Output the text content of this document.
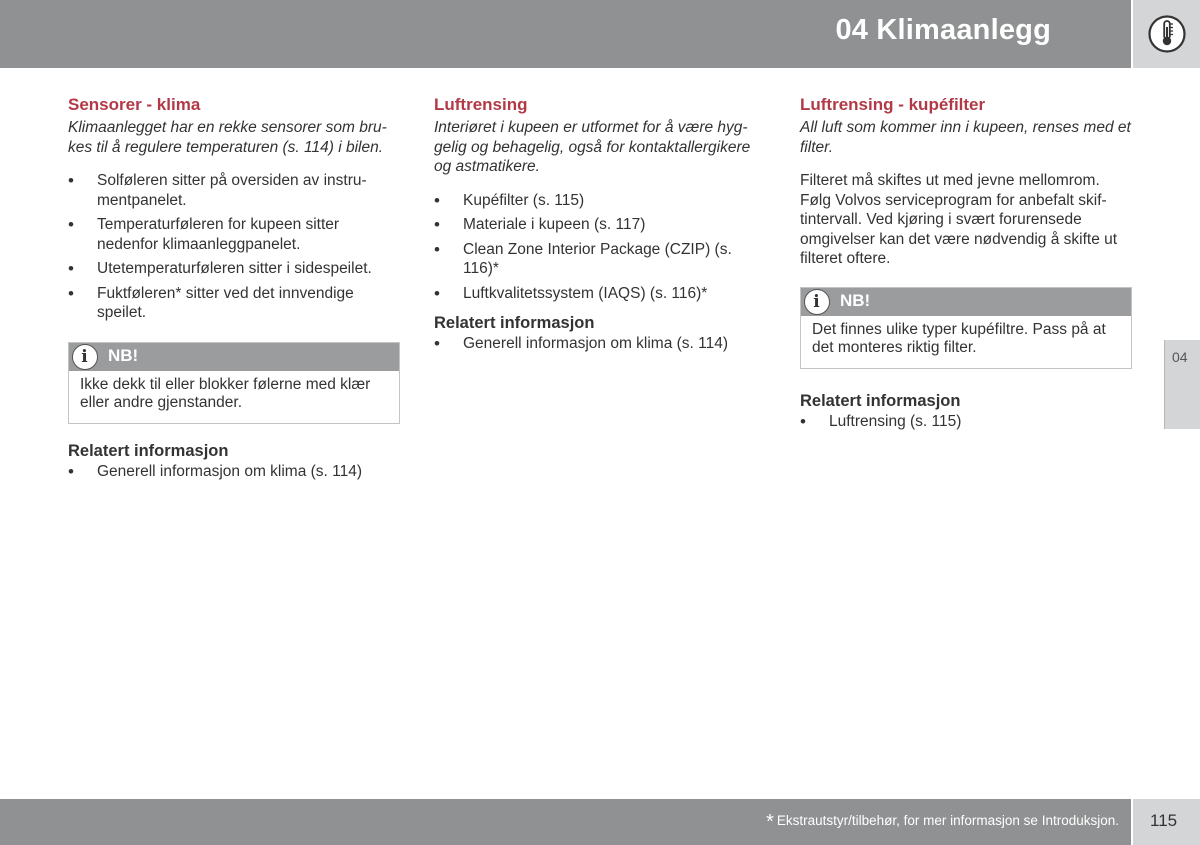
04 Klimaanlegg
Sensorer - klima
Klimaanlegget har en rekke sensorer som bru-kes til å regulere temperaturen (s. 114) i bilen.
• Solføleren sitter på oversiden av instru-mentpanelet.
• Temperaturføleren for kupeen sitter nedenfor klimaanleggpanelet.
• Utetemperaturføleren sitter i sidespeilet.
• Fuktføleren* sitter ved det innvendige speilet.
i	NB!
Ikke dekk til eller blokker følerne med klær eller andre gjenstander.
Relatert informasjon
• Generell informasjon om klima (s. 114)
Luftrensing
Interiøret i kupeen er utformet for å være hyg-gelig og behagelig, også for kontaktallergikere og astmatikere.
• Kupéfilter (s. 115)
• Materiale i kupeen (s. 117)
• Clean Zone Interior Package (CZIP) (s. 116)*
• Luftkvalitetssystem (IAQS) (s. 116)*
Relatert informasjon
• Generell informasjon om klima (s. 114)
Luftrensing - kupéfilter
All luft som kommer inn i kupeen, renses med et filter.
Filteret må skiftes ut med jevne mellomrom. Følg Volvos serviceprogram for anbefalt skif-tintervall. Ved kjøring i svært forurensede omgivelser kan det være nødvendig å skifte ut filteret oftere.
i	NB!
Det finnes ulike typer kupéfiltre. Pass på at det monteres riktig filter.
Relatert informasjon
• Luftrensing (s. 115)
04
* Ekstrautstyr/tilbehør, for mer informasjon se Introduksjon. 115
